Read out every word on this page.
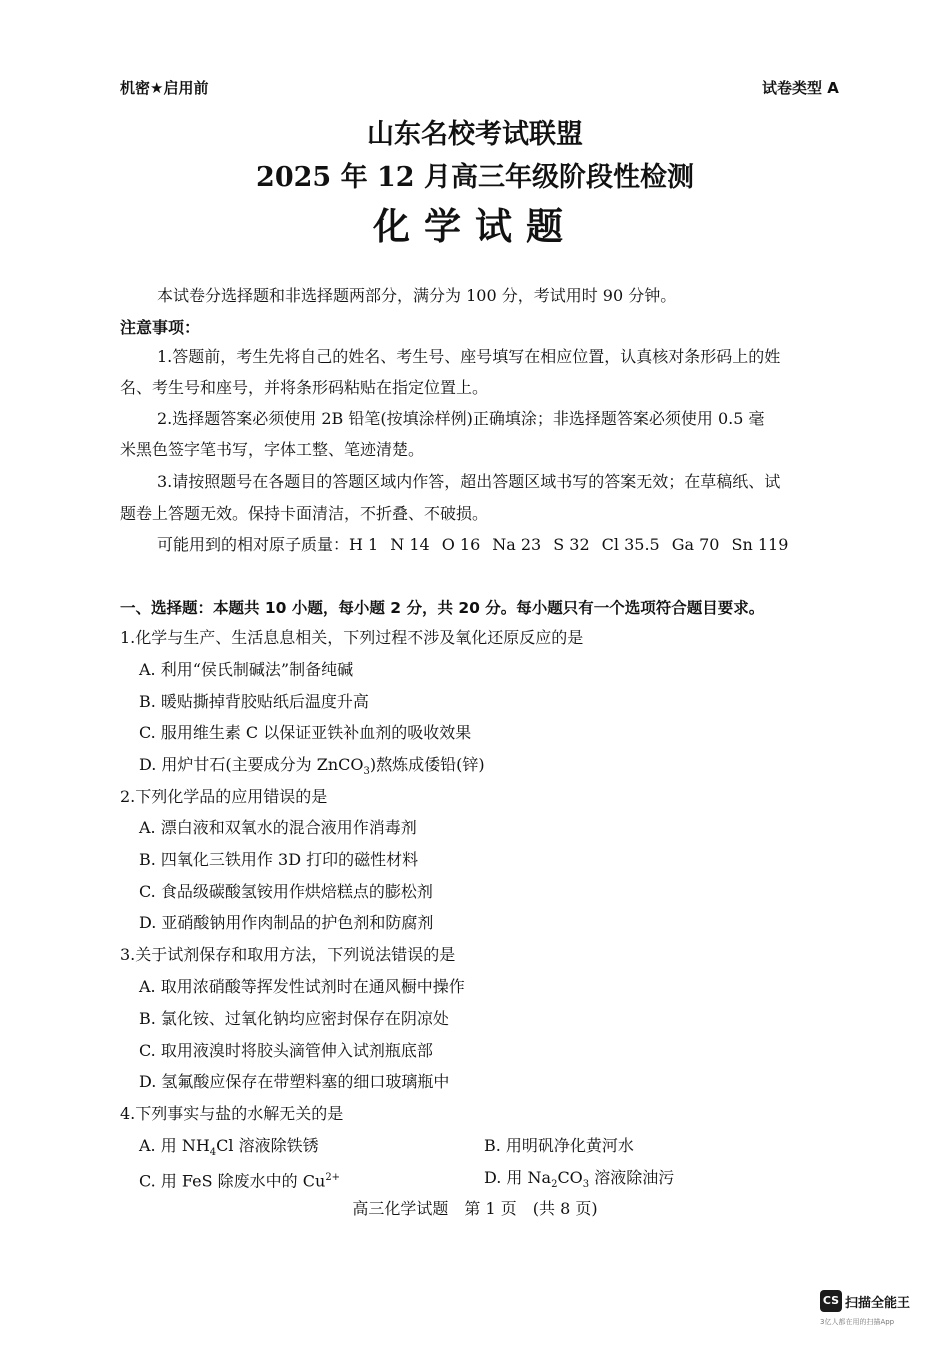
机密★启用前	试卷类型 A
山东名校考试联盟
2025 年 12 月高三年级阶段性检测
化学试题
本试卷分选择题和非选择题两部分，满分为 100 分，考试用时 90 分钟。
注意事项：
1.答题前，考生先将自己的姓名、考生号、座号填写在相应位置，认真核对条形码上的姓
名、考生号和座号，并将条形码粘贴在指定位置上。
2.选择题答案必须使用 2B 铅笔(按填涂样例)正确填涂；非选择题答案必须使用 0.5 毫
米黑色签字笔书写，字体工整、笔迹清楚。
3.请按照题号在各题目的答题区域内作答，超出答题区域书写的答案无效；在草稿纸、试
题卷上答题无效。保持卡面清洁，不折叠、不破损。
可能用到的相对原子质量：H 1 N 14 O 16 Na 23 S 32 Cl 35.5 Ga 70 Sn 119
一、选择题：本题共 10 小题，每小题 2 分，共 20 分。每小题只有一个选项符合题目要求。
1.化学与生产、生活息息相关，下列过程不涉及氧化还原反应的是
A. 利用“侯氏制碱法”制备纯碱
B. 暖贴撕掉背胶贴纸后温度升高
C. 服用维生素 C 以保证亚铁补血剂的吸收效果
D. 用炉甘石(主要成分为 ZnCO$_3$)熬炼成倭铅(锌)
2.下列化学品的应用错误的是
A. 漂白液和双氧水的混合液用作消毒剂
B. 四氧化三铁用作 3D 打印的磁性材料
C. 食品级碳酸氢铵用作烘焙糕点的膨松剂
D. 亚硝酸钠用作肉制品的护色剂和防腐剂
3.关于试剂保存和取用方法，下列说法错误的是
A. 取用浓硝酸等挥发性试剂时在通风橱中操作
B. 氯化铵、过氧化钠均应密封保存在阴凉处
C. 取用液溴时将胶头滴管伸入试剂瓶底部
D. 氢氟酸应保存在带塑料塞的细口玻璃瓶中
4.下列事实与盐的水解无关的是
A. 用 $NH_4Cl$ 溶液除铁锈	B. 用明矾净化黄河水
C. 用 FeS 除废水中的 $Cu^{2+}$	D. 用 $Na_2CO_3$ 溶液除油污
高三化学试题　第 1 页　(共 8 页)
CS 扫描全能王
3亿人都在用的扫描App
